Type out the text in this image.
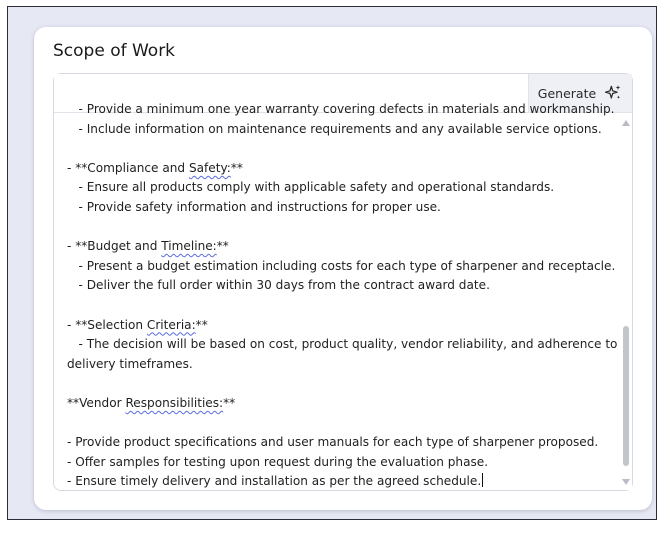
Scope of Work
Generate
- Provide a minimum one year warranty covering defects in materials and workmanship.
- Include information on maintenance requirements and any available service options.
- **Compliance and Safety:**
- Ensure all products comply with applicable safety and operational standards.
- Provide safety information and instructions for proper use.
- **Budget and Timeline:**
- Present a budget estimation including costs for each type of sharpener and receptacle.
- Deliver the full order within 30 days from the contract award date.
- **Selection Criteria:**
- The decision will be based on cost, product quality, vendor reliability, and adherence to
delivery timeframes.
**Vendor Responsibilities:**
- Provide product specifications and user manuals for each type of sharpener proposed.
- Offer samples for testing upon request during the evaluation phase.
- Ensure timely delivery and installation as per the agreed schedule.
